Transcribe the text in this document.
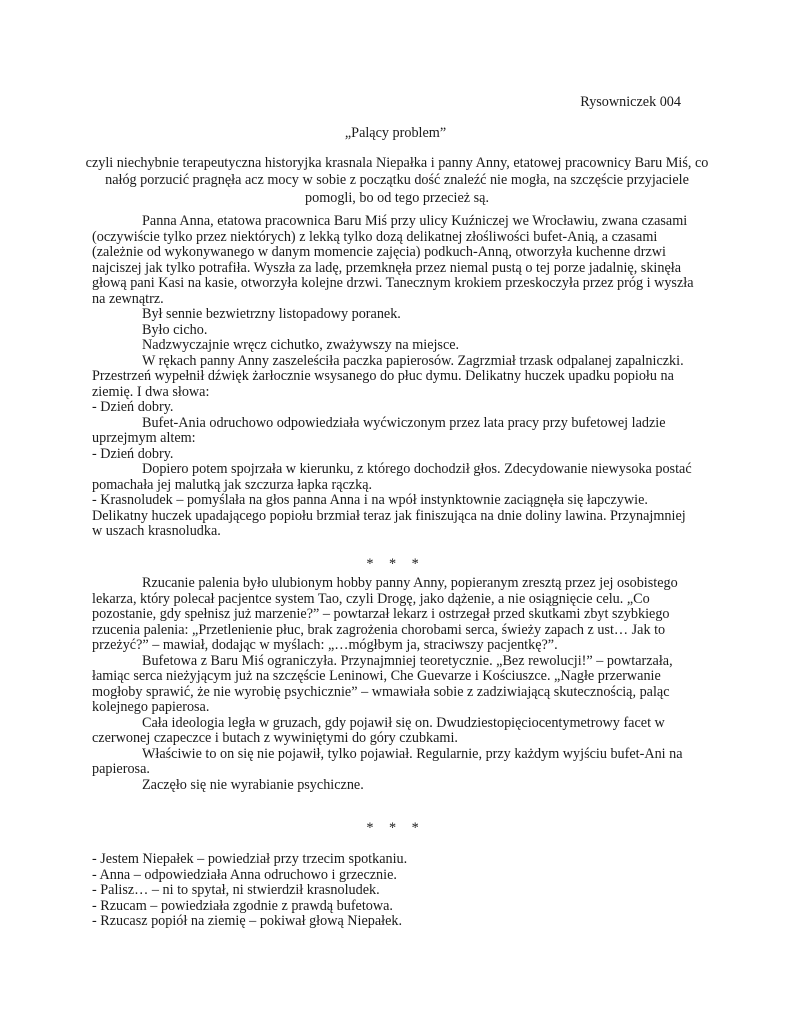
Rysowniczek 004
„Palący problem”
czyli niechybnie terapeutyczna historyjka krasnala Niepałka i panny Anny, etatowej pracownicy Baru Miś, co nałóg porzucić pragnęła acz mocy w sobie z początku dość znaleźć nie mogła, na szczęście przyjaciele pomogli, bo od tego przecież są.

Panna Anna, etatowa pracownica Baru Miś przy ulicy Kuźniczej we Wrocławiu, zwana czasami (oczywiście tylko przez niektórych) z lekką tylko dozą delikatnej złośliwości bufet-Anią, a czasami (zależnie od wykonywanego w danym momencie zajęcia) podkuch-Anną, otworzyła kuchenne drzwi najciszej jak tylko potrafiła. Wyszła za ladę, przemknęła przez niemal pustą o tej porze jadalnię, skinęła głową pani Kasi na kasie, otworzyła kolejne drzwi. Tanecznym krokiem przeskoczyła przez próg i wyszła na zewnątrz.

Był sennie bezwietrzny listopadowy poranek.

Było cicho.

Nadzwyczajnie wręcz cichutko, zważywszy na miejsce.

W rękach panny Anny zaszeleściła paczka papierosów. Zagrzmiał trzask odpalanej zapalniczki. Przestrzeń wypełnił dźwięk żarłocznie wsysanego do płuc dymu. Delikatny huczek upadku popiołu na ziemię. I dwa słowa:

- Dzień dobry.

Bufet-Ania odruchowo odpowiedziała wyćwiczonym przez lata pracy przy bufetowej ladzie uprzejmym altem:

- Dzień dobry.

Dopiero potem spojrzała w kierunku, z którego dochodził głos. Zdecydowanie niewysoka postać pomachała jej malutką jak szczurza łapka rączką.

- Krasnoludek – pomyślała na głos panna Anna i na wpół instynktownie zaciągnęła się łapczywie. Delikatny huczek upadającego popiołu brzmiał teraz jak finiszująca na dnie doliny lawina. Przynajmniej w uszach krasnoludka.

* * *

Rzucanie palenia było ulubionym hobby panny Anny, popieranym zresztą przez jej osobistego lekarza, który polecał pacjentce system Tao, czyli Drogę, jako dążenie, a nie osiągnięcie celu. „Co pozostanie, gdy spełnisz już marzenie?” – powtarzał lekarz i ostrzegał przed skutkami zbyt szybkiego rzucenia palenia: „Przetlenienie płuc, brak zagrożenia chorobami serca, świeży zapach z ust… Jak to przeżyć?” – mawiał, dodając w myślach: „…mógłbym ja, straciwszy pacjentkę?”.

Bufetowa z Baru Miś ograniczyła. Przynajmniej teoretycznie. „Bez rewolucji!” – powtarzała, łamiąc serca nieżyjącym już na szczęście Leninowi, Che Guevarze i Kościuszce. „Nagłe przerwanie mogłoby sprawić, że nie wyrobię psychicznie” – wmawiała sobie z zadziwiającą skutecznością, paląc kolejnego papierosa.

Cała ideologia legła w gruzach, gdy pojawił się on. Dwudziestopięciocentymetrowy facet w czerwonej czapeczce i butach z wywiniętymi do góry czubkami.

Właściwie to on się nie pojawił, tylko pojawiał. Regularnie, przy każdym wyjściu bufet-Ani na papierosa.

Zaczęło się nie wyrabianie psychiczne.

* * *

- Jestem Niepałek – powiedział przy trzecim spotkaniu.

- Anna – odpowiedziała Anna odruchowo i grzecznie.

- Palisz… – ni to spytał, ni stwierdził krasnoludek.

- Rzucam – powiedziała zgodnie z prawdą bufetowa.

- Rzucasz popiół na ziemię – pokiwał głową Niepałek.
